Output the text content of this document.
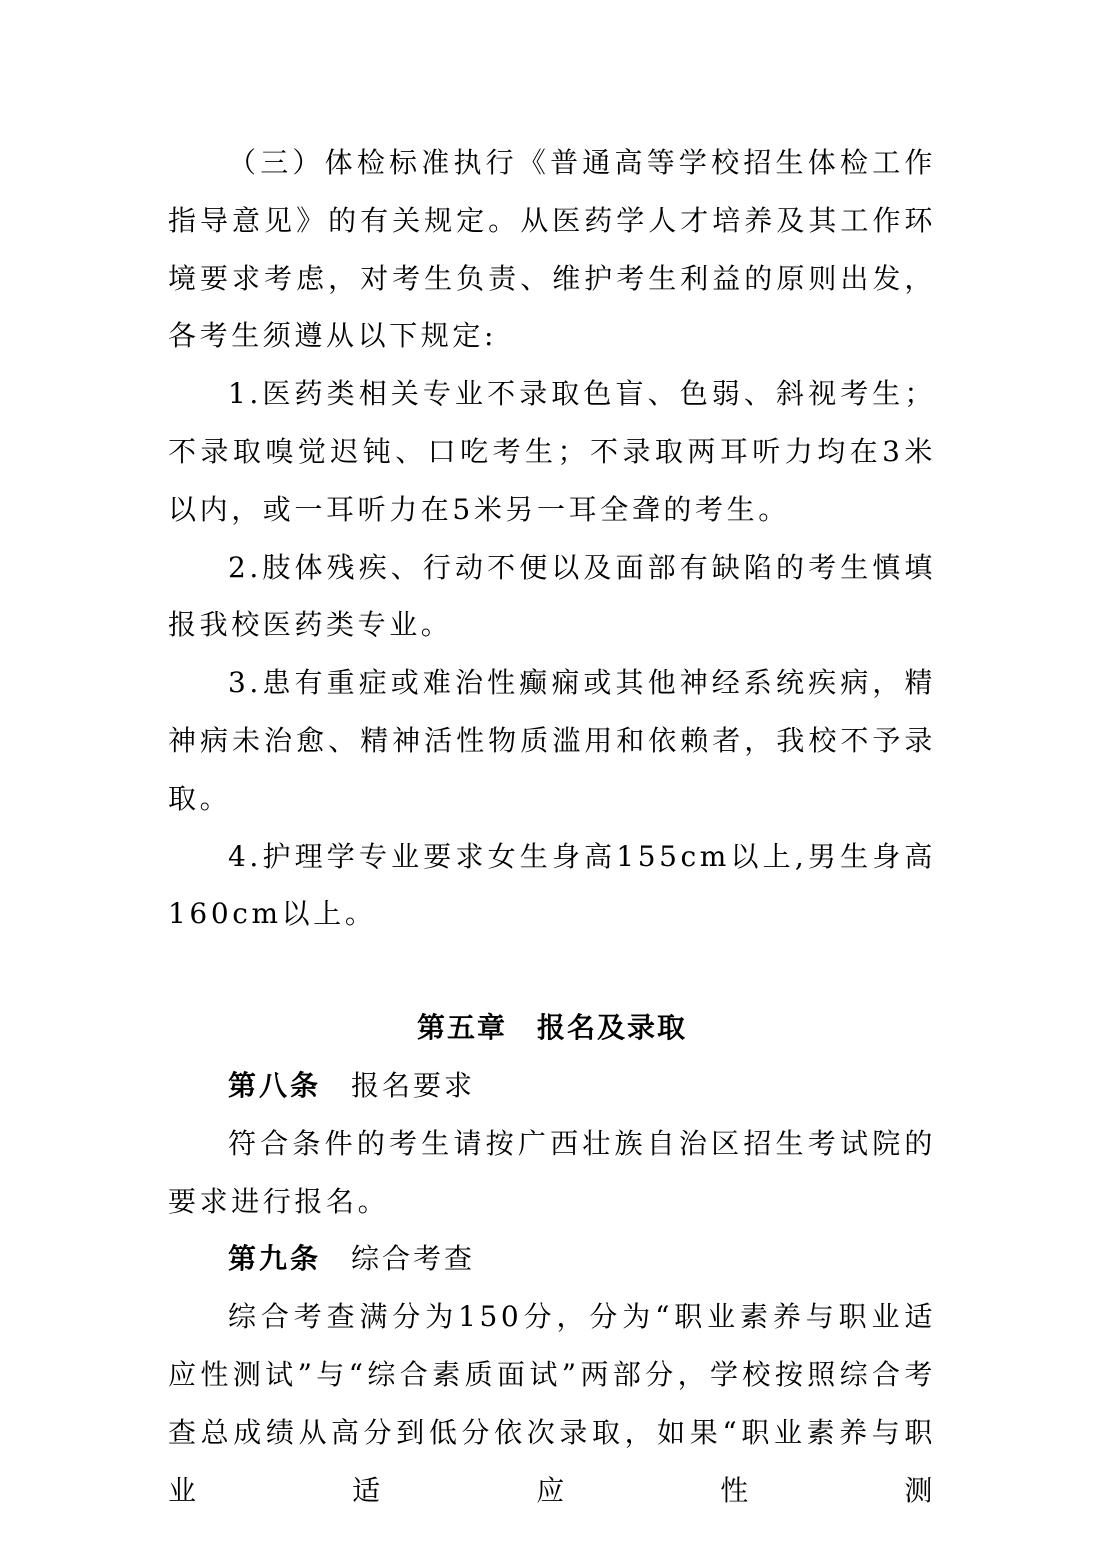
（三）体检标准执行《普通高等学校招生体检工作指导意见》的有关规定。从医药学人才培养及其工作环境要求考虑，对考生负责、维护考生利益的原则出发，各考生须遵从以下规定:

1.医药类相关专业不录取色盲、色弱、斜视考生；不录取嗅觉迟钝、口吃考生；不录取两耳听力均在3米以内，或一耳听力在5米另一耳全聋的考生。

2.肢体残疾、行动不便以及面部有缺陷的考生慎填报我校医药类专业。

3.患有重症或难治性癫痫或其他神经系统疾病，精神病未治愈、精神活性物质滥用和依赖者，我校不予录取。

4.护理学专业要求女生身高155cm以上,男生身高160cm以上。

第五章　报名及录取

第八条 报名要求

符合条件的考生请按广西壮族自治区招生考试院的要求进行报名。

第九条 综合考查

综合考查满分为150分，分为“职业素养与职业适应性测试”与“综合素质面试”两部分，学校按照综合考查总成绩从高分到低分依次录取，如果“职业素养与职业适应性测
